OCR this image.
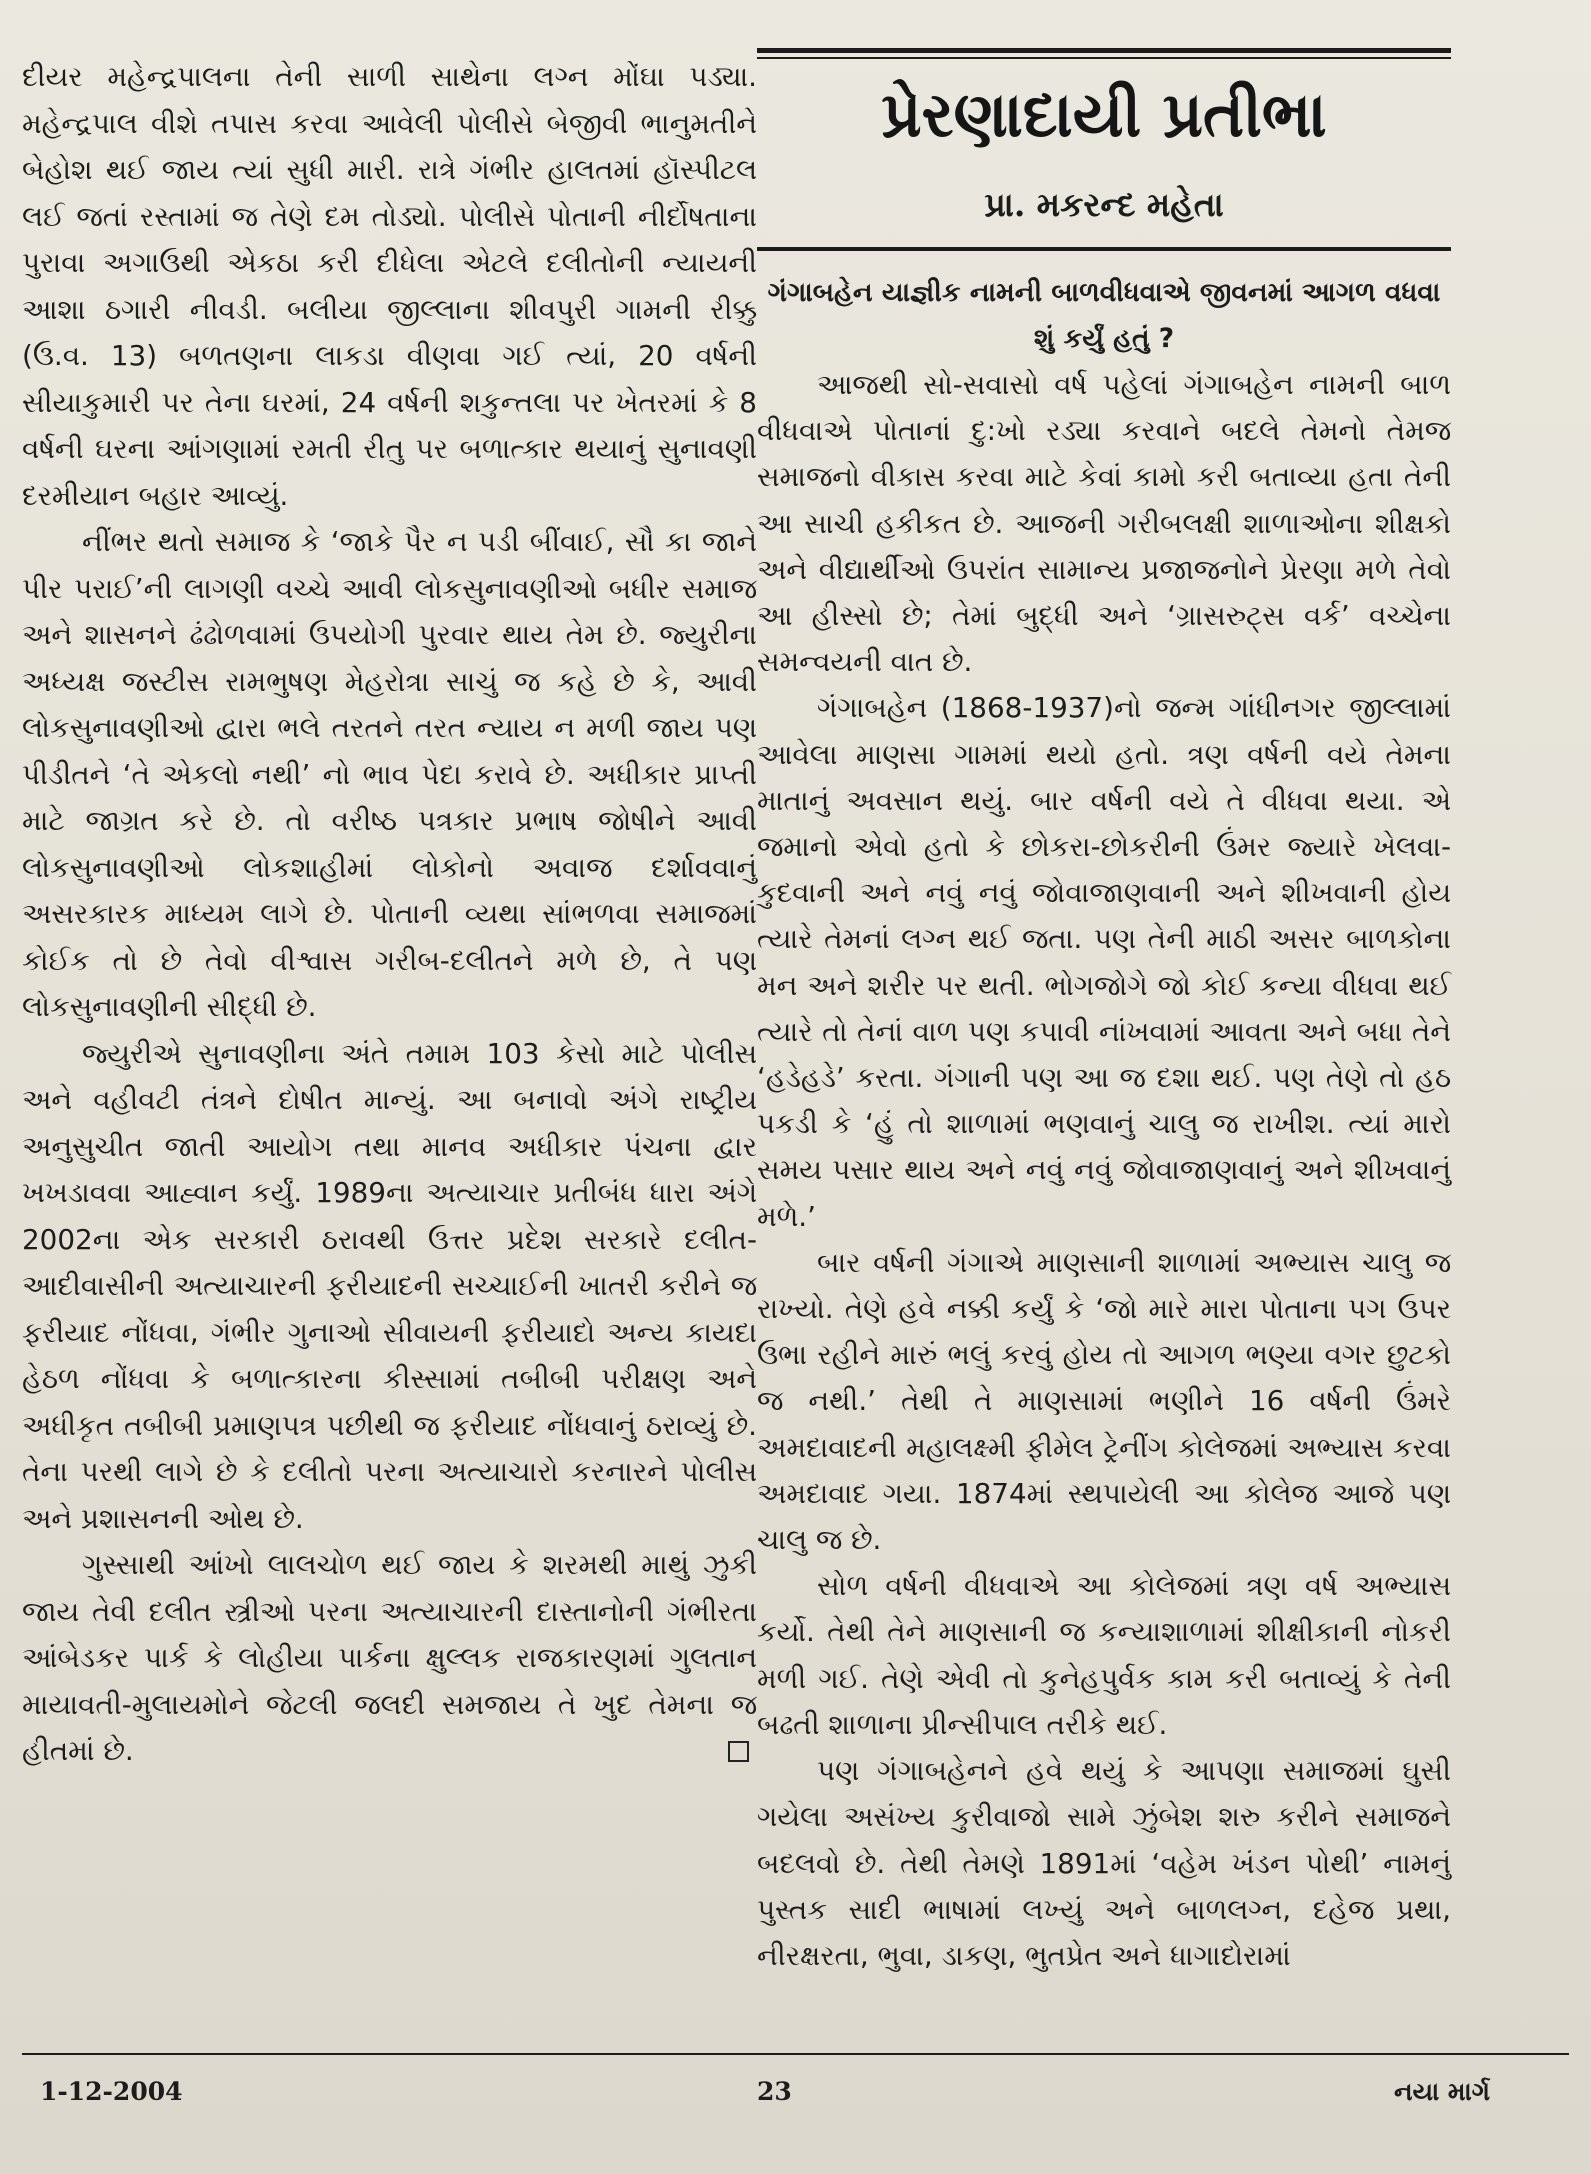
દીયર મહેન્દ્રપાલના તેની સાળી સાથેના લગ્ન મોંઘા પડ્યા. મહેન્દ્રપાલ વીશે તપાસ કરવા આવેલી પોલીસે બેજીવી ભાનુમતીને બેહોશ થઈ જાય ત્યાં સુધી મારી. રાત્રે ગંભીર હાલતમાં હૉસ્પીટલ લઈ જતાં રસ્તામાં જ તેણે દમ તોડ્યો. પોલીસે પોતાની નીર્દોષતાના પુરાવા અગાઉથી એકઠા કરી દીધેલા એટલે દલીતોની ન્યાયની આશા ઠગારી નીવડી. બલીયા જીલ્લાના શીવપુરી ગામની રીક્કુ (ઉ.વ. 13) બળતણના લાકડા વીણવા ગઈ ત્યાં, 20 વર્ષની સીયાકુમારી પર તેના ઘરમાં, 24 વર્ષની શકુન્તલા પર ખેતરમાં કે 8 વર્ષની ઘરના આંગણામાં રમતી રીતુ પર બળાત્કાર થયાનું સુનાવણી દરમીયાન બહાર આવ્યું.

નીંભર થતો સમાજ કે ‘જાકે પૈર ન પડી બીંવાઈ, સૌ કા જાને પીર પરાઈ’ની લાગણી વચ્ચે આવી લોકસુનાવણીઓ બધીર સમાજ અને શાસનને ઢંઢોળવામાં ઉપયોગી પુરવાર થાય તેમ છે. જ્યુરીના અધ્યક્ષ જસ્ટીસ રામભુષણ મેહરોત્રા સાચું જ કહે છે કે, આવી લોકસુનાવણીઓ દ્વારા ભલે તરતને તરત ન્યાય ન મળી જાય પણ પીડીતને ‘તે એકલો નથી’ નો ભાવ પેદા કરાવે છે. અધીકાર પ્રાપ્તી માટે જાગ્રત કરે છે. તો વરીષ્ઠ પત્રકાર પ્રભાષ જોષીને આવી લોકસુનાવણીઓ લોકશાહીમાં લોકોનો અવાજ દર્શાવવાનું અસરકારક માધ્યમ લાગે છે. પોતાની વ્યથા સાંભળવા સમાજમાં કોઈક તો છે તેવો વીશ્વાસ ગરીબ-દલીતને મળે છે, તે પણ લોકસુનાવણીની સીદ્ધી છે.

જ્યુરીએ સુનાવણીના અંતે તમામ 103 કેસો માટે પોલીસ અને વહીવટી તંત્રને દોષીત માન્યું. આ બનાવો અંગે રાષ્ટ્રીય અનુસુચીત જાતી આયોગ તથા માનવ અધીકાર પંચના દ્વાર ખખડાવવા આહ્વાન કર્યું. 1989ના અત્યાચાર પ્રતીબંધ ધારા અંગે 2002ના એક સરકારી ઠરાવથી ઉત્તર પ્રદેશ સરકારે દલીત-આદીવાસીની અત્યાચારની ફરીયાદની સચ્ચાઈની ખાતરી કરીને જ ફરીયાદ નોંધવા, ગંભીર ગુનાઓ સીવાયની ફરીયાદો અન્ય કાયદા હેઠળ નોંધવા કે બળાત્કારના કીસ્સામાં તબીબી પરીક્ષણ અને અધીકૃત તબીબી પ્રમાણપત્ર પછીથી જ ફરીયાદ નોંધવાનું ઠરાવ્યું છે. તેના પરથી લાગે છે કે દલીતો પરના અત્યાચારો કરનારને પોલીસ અને પ્રશાસનની ઓથ છે.

ગુસ્સાથી આંખો લાલચોળ થઈ જાય કે શરમથી માથું ઝુકી જાય તેવી દલીત સ્ત્રીઓ પરના અત્યાચારની દાસ્તાનોની ગંભીરતા આંબેડકર પાર્ક કે લોહીયા પાર્કના ક્ષુલ્લક રાજકારણમાં ગુલતાન માયાવતી-મુલાયમોને જેટલી જલદી સમજાય તે ખુદ તેમના જ હીતમાં છે.

પ્રેરણાદાયી પ્રતીભા
પ્રા. મકરન્દ મહેતા

ગંગાબહેન યાજ્ઞીક નામની બાળવીધવાએ જીવનમાં આગળ વધવા શું કર્યું હતું ?

આજથી સો-સવાસો વર્ષ પહેલાં ગંગાબહેન નામની બાળ વીધવાએ પોતાનાં દુ:ખો રડ્યા કરવાને બદલે તેમનો તેમજ સમાજનો વીકાસ કરવા માટે કેવાં કામો કરી બતાવ્યા હતા તેની આ સાચી હકીકત છે. આજની ગરીબલક્ષી શાળાઓના શીક્ષકો અને વીદ્યાર્થીઓ ઉપરાંત સામાન્ય પ્રજાજનોને પ્રેરણા મળે તેવો આ હીસ્સો છે; તેમાં બુદ્ધી અને ‘ગ્રાસરુટ્સ વર્ક’ વચ્ચેના સમન્વયની વાત છે.

ગંગાબહેન (1868-1937)નો જન્મ ગાંધીનગર જીલ્લામાં આવેલા માણસા ગામમાં થયો હતો. ત્રણ વર્ષની વયે તેમના માતાનું અવસાન થયું. બાર વર્ષની વયે તે વીધવા થયા. એ જમાનો એવો હતો કે છોકરા-છોકરીની ઉંમર જ્યારે ખેલવા-કુદવાની અને નવું નવું જોવાજાણવાની અને શીખવાની હોય ત્યારે તેમનાં લગ્ન થઈ જતા. પણ તેની માઠી અસર બાળકોના મન અને શરીર પર થતી. ભોગજોગે જો કોઈ કન્યા વીધવા થઈ ત્યારે તો તેનાં વાળ પણ કપાવી નાંખવામાં આવતા અને બધા તેને ‘હડેહડે’ કરતા. ગંગાની પણ આ જ દશા થઈ. પણ તેણે તો હઠ પકડી કે ‘હું તો શાળામાં ભણવાનું ચાલુ જ રાખીશ. ત્યાં મારો સમય પસાર થાય અને નવું નવું જોવાજાણવાનું અને શીખવાનું મળે.’

બાર વર્ષની ગંગાએ માણસાની શાળામાં અભ્યાસ ચાલુ જ રાખ્યો. તેણે હવે નક્કી કર્યું કે ‘જો મારે મારા પોતાના પગ ઉપર ઉભા રહીને મારું ભલું કરવું હોય તો આગળ ભણ્યા વગર છુટકો જ નથી.’ તેથી તે માણસામાં ભણીને 16 વર્ષની ઉંમરે અમદાવાદની મહાલક્ષ્મી ફીમેલ ટ્રેનીંગ કોલેજમાં અભ્યાસ કરવા અમદાવાદ ગયા. 1874માં સ્થપાયેલી આ કોલેજ આજે પણ ચાલુ જ છે.

સોળ વર્ષની વીધવાએ આ કોલેજમાં ત્રણ વર્ષ અભ્યાસ કર્યો. તેથી તેને માણસાની જ કન્યાશાળામાં શીક્ષીકાની નોકરી મળી ગઈ. તેણે એવી તો કુનેહપુર્વક કામ કરી બતાવ્યું કે તેની બઢતી શાળાના પ્રીન્સીપાલ તરીકે થઈ.

પણ ગંગાબહેનને હવે થયું કે આપણા સમાજમાં ઘુસી ગયેલા અસંખ્ય કુરીવાજો સામે ઝુંબેશ શરુ કરીને સમાજને બદલવો છે. તેથી તેમણે 1891માં ‘વહેમ ખંડન પોથી’ નામનું પુસ્તક સાદી ભાષામાં લખ્યું અને બાળલગ્ન, દહેજ પ્રથા, નીરક્ષરતા, ભુવા, ડાકણ, ભુતપ્રેત અને ધાગાદોરામાં

1-12-2004	23	નયા માર્ગ
